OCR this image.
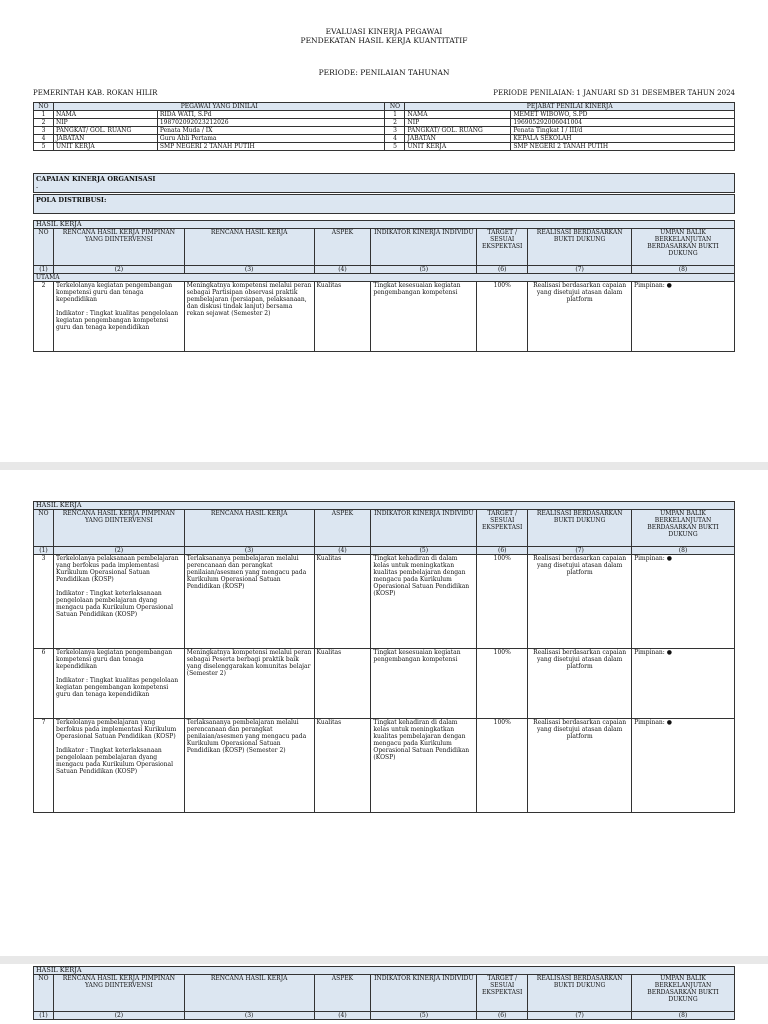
EVALUASI KINERJA PEGAWAI
PENDEKATAN HASIL KERJA KUANTITATIF
PERIODE: PENILAIAN TAHUNAN
PEMERINTAH KAB. ROKAN HILIR	PERIODE PENILAIAN: 1 JANUARI SD 31 DESEMBER TAHUN 2024
NO	PEGAWAI YANG DINILAI		NO	PEJABAT PENILAI KINERJA	
1	NAMA	RIDA WATI, S.Pd	1	NAMA	MEMET WIBOWO, S.PD
2	NIP	198702092023212026	2	NIP	196905292006041004
3	PANGKAT/ GOL. RUANG	Penata Muda / IX	3	PANGKAT/ GOL. RUANG	Penata Tingkat I / III/d
4	JABATAN	Guru Ahli Pertama	4	JABATAN	KEPALA SEKOLAH
5	UNIT KERJA	SMP NEGERI 2 TANAH PUTIH	5	UNIT KERJA	SMP NEGERI 2 TANAH PUTIH
CAPAIAN KINERJA ORGANISASI
-
POLA DISTRIBUSI:
HASIL KERJA							
NO	RENCANA HASIL KERJA PIMPINAN YANG DIINTERVENSI	RENCANA HASIL KERJA	ASPEK	INDIKATOR KINERJA INDIVIDU	TARGET / SESUAI EKSPEKTASI	REALISASI BERDASARKAN BUKTI DUKUNG	UMPAN BALIK BERKELANJUTAN BERDASARKAN BUKTI DUKUNG
(1)	(2)	(3)	(4)	(5)	(6)	(7)	(8)
UTAMA							
2	Terkelolanya kegiatan pengembangan kompetensi guru dan tenaga kependidikan
Indikator : Tingkat kualitas pengelolaan kegiatan pengembangan kompetensi guru dan tenaga kependidikan	Meningkatnya kompetensi melalui peran sebagai Partisipan observasi praktik pembelajaran (persiapan, pelaksanaan, dan diskusi tindak lanjut) bersama rekan sejawat (Semester 2)	Kualitas	Tingkat kesesuaian kegiatan pengembangan kompetensi	100%	Realisasi berdasarkan capaian yang disetujui atasan dalam platform	Pimpinan: ●
HASIL KERJA							
NO	RENCANA HASIL KERJA PIMPINAN YANG DIINTERVENSI	RENCANA HASIL KERJA	ASPEK	INDIKATOR KINERJA INDIVIDU	TARGET / SESUAI EKSPEKTASI	REALISASI BERDASARKAN BUKTI DUKUNG	UMPAN BALIK BERKELANJUTAN BERDASARKAN BUKTI DUKUNG
(1)	(2)	(3)	(4)	(5)	(6)	(7)	(8)
3	Terkelolanya pelaksanaan pembelajaran yang berfokus pada implementasi Kurikulum Operasional Satuan Pendidikan (KOSP)
Indikator : Tingkat keterlaksanaan pengelolaan pembelajaran dyang mengacu pada Kurikulum Operasional Satuan Pendidikan (KOSP)	Terlaksananya pembelajaran melalui perencanaan dan perangkat penilaian/asesmen yang mengacu pada Kurikulum Operasional Satuan Pendidikan (KOSP)	Kualitas	Tingkat kehadiran di dalam kelas untuk meningkatkan kualitas pembelajaran dengan mengacu pada Kurikulum Operasional Satuan Pendidikan (KOSP)	100%	Realisasi berdasarkan capaian yang disetujui atasan dalam platform	Pimpinan: ●
6	Terkelolanya kegiatan pengembangan kompetensi guru dan tenaga kependidikan
Indikator : Tingkat kualitas pengelolaan kegiatan pengembangan kompetensi guru dan tenaga kependidikan	Meningkatnya kompetensi melalui peran sebagai Peserta berbagi praktik baik yang diselenggarakan komunitas belajar (Semester 2)	Kualitas	Tingkat kesesuaian kegiatan pengembangan kompetensi	100%	Realisasi berdasarkan capaian yang disetujui atasan dalam platform	Pimpinan: ●
7	Terkelolanya pembelajaran yang berfokus pada implementasi Kurikulum Operasional Satuan Pendidikan (KOSP)
Indikator : Tingkat keterlaksanaan pengelolaan pembelajaran dyang mengacu pada Kurikulum Operasional Satuan Pendidikan (KOSP)	Terlaksananya pembelajaran melalui perencanaan dan perangkat penilaian/asesmen yang mengacu pada Kurikulum Operasional Satuan Pendidikan (KOSP) (Semester 2)	Kualitas	Tingkat kehadiran di dalam kelas untuk meningkatkan kualitas pembelajaran dengan mengacu pada Kurikulum Operasional Satuan Pendidikan (KOSP)	100%	Realisasi berdasarkan capaian yang disetujui atasan dalam platform	Pimpinan: ●
HASIL KERJA							
NO	RENCANA HASIL KERJA PIMPINAN YANG DIINTERVENSI	RENCANA HASIL KERJA	ASPEK	INDIKATOR KINERJA INDIVIDU	TARGET / SESUAI EKSPEKTASI	REALISASI BERDASARKAN BUKTI DUKUNG	UMPAN BALIK BERKELANJUTAN BERDASARKAN BUKTI DUKUNG
(1)	(2)	(3)	(4)	(5)	(6)	(7)	(8)
